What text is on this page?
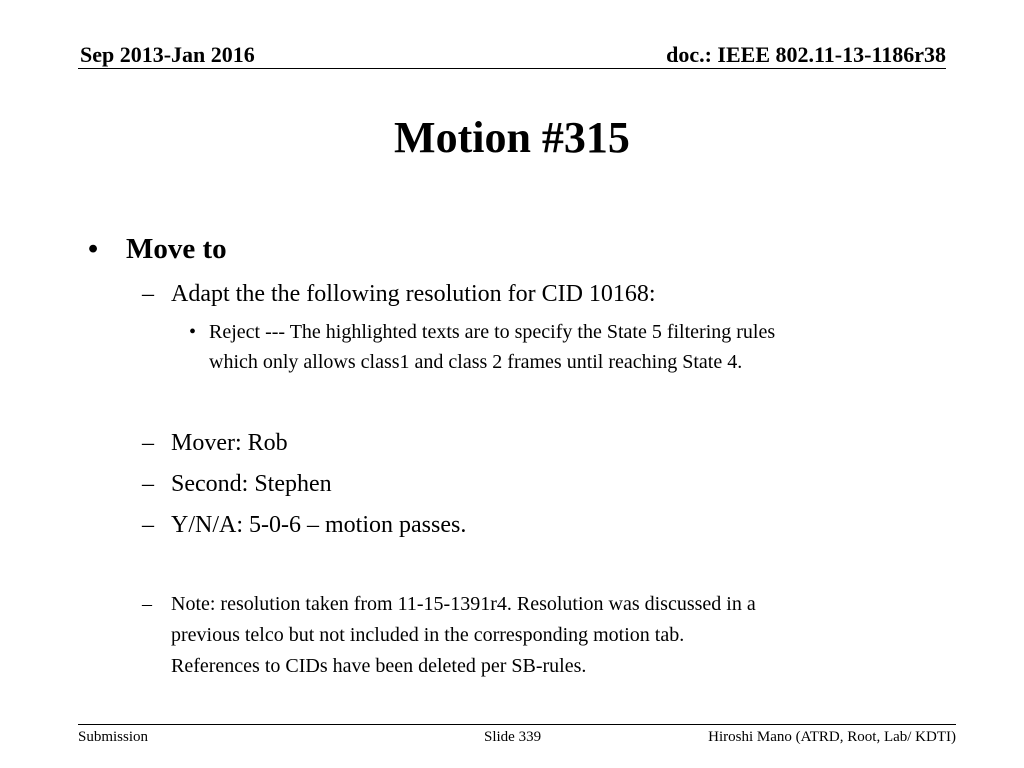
Sep 2013-Jan 2016	doc.: IEEE 802.11-13-1186r38
Motion #315
• Move to
– Adapt the the following resolution for CID 10168:
• Reject --- The highlighted texts are to specify the State 5 filtering rules
which only allows class1 and class 2 frames until reaching State 4.
– Mover: Rob
– Second: Stephen
– Y/N/A: 5-0-6 – motion passes.
– Note: resolution taken from 11-15-1391r4. Resolution was discussed in a
previous telco but not included in the corresponding motion tab.
References to CIDs have been deleted per SB-rules.
Submission	Slide 339	Hiroshi Mano (ATRD, Root, Lab/ KDTI)
